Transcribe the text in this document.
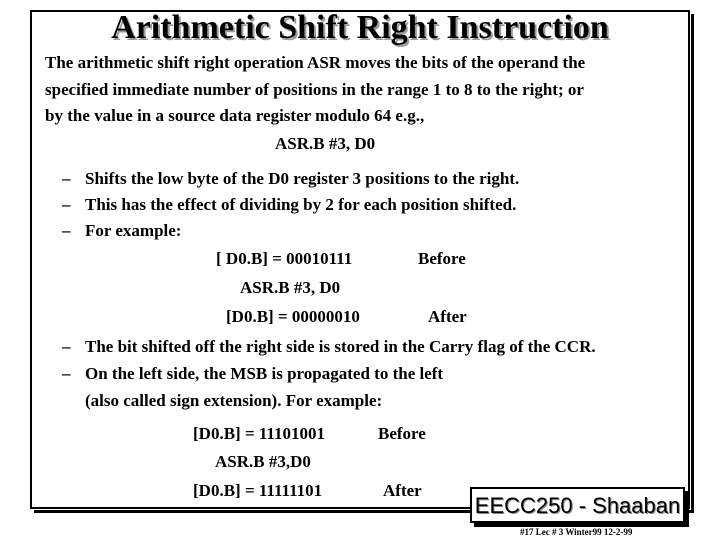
Arithmetic Shift Right Instruction
The arithmetic shift right operation ASR moves the bits of the operand the
specified immediate number of positions in the range 1 to 8 to the right; or
by the value in a source data register modulo 64 e.g.,
ASR.B #3, D0
– Shifts the low byte of the D0 register 3 positions to the right.
– This has the effect of dividing by 2 for each position shifted.
– For example:
[ D0.B] = 00010111	Before
ASR.B #3, D0
[D0.B] = 00000010	After
– The bit shifted off the right side is stored in the Carry flag of the CCR.
– On the left side, the MSB is propagated to the left
(also called sign extension). For example:
[D0.B] = 11101001	Before
ASR.B #3,D0
[D0.B] = 11111101	After
EECC250 - Shaaban
#17 Lec # 3 Winter99 12-2-99
